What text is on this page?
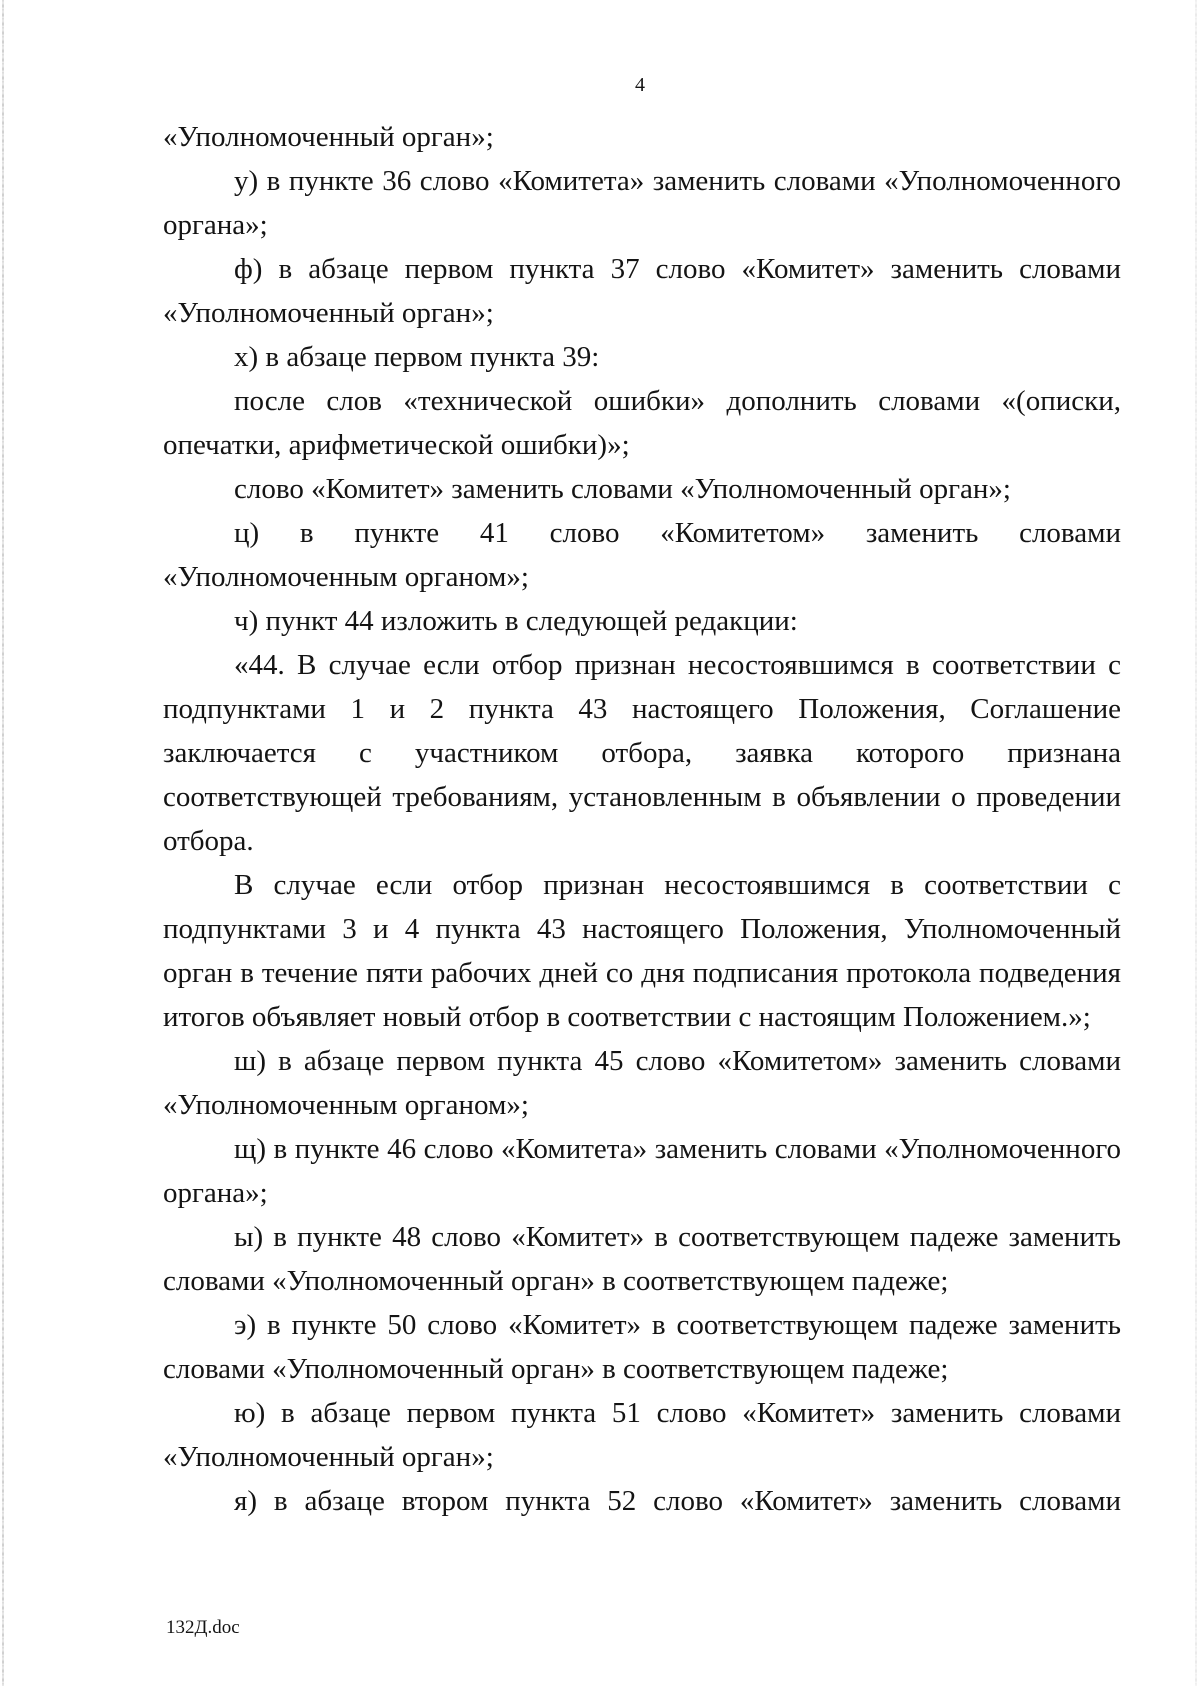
4

«Уполномоченный орган»;

у) в пункте 36 слово «Комитета» заменить словами «Уполномоченного органа»;

ф) в абзаце первом пункта 37 слово «Комитет» заменить словами «Уполномоченный орган»;

х) в абзаце первом пункта 39:

после слов «технической ошибки» дополнить словами «(описки, опечатки, арифметической ошибки)»;

слово «Комитет» заменить словами «Уполномоченный орган»;

ц) в пункте 41 слово «Комитетом» заменить словами «Уполномоченным органом»;

ч) пункт 44 изложить в следующей редакции:

«44. В случае если отбор признан несостоявшимся в соответствии с подпунктами 1 и 2 пункта 43 настоящего Положения, Соглашение заключается с участником отбора, заявка которого признана соответствующей требованиям, установленным в объявлении о проведении отбора.

В случае если отбор признан несостоявшимся в соответствии с подпунктами 3 и 4 пункта 43 настоящего Положения, Уполномоченный орган в течение пяти рабочих дней со дня подписания протокола подведения итогов объявляет новый отбор в соответствии с настоящим Положением.»;

ш) в абзаце первом пункта 45 слово «Комитетом» заменить словами «Уполномоченным органом»;

щ) в пункте 46 слово «Комитета» заменить словами «Уполномоченного органа»;

ы) в пункте 48 слово «Комитет» в соответствующем падеже заменить словами «Уполномоченный орган» в соответствующем падеже;

э) в пункте 50 слово «Комитет» в соответствующем падеже заменить словами «Уполномоченный орган» в соответствующем падеже;

ю) в абзаце первом пункта 51 слово «Комитет» заменить словами «Уполномоченный орган»;

я) в абзаце втором пункта 52 слово «Комитет» заменить словами

132Д.doc
